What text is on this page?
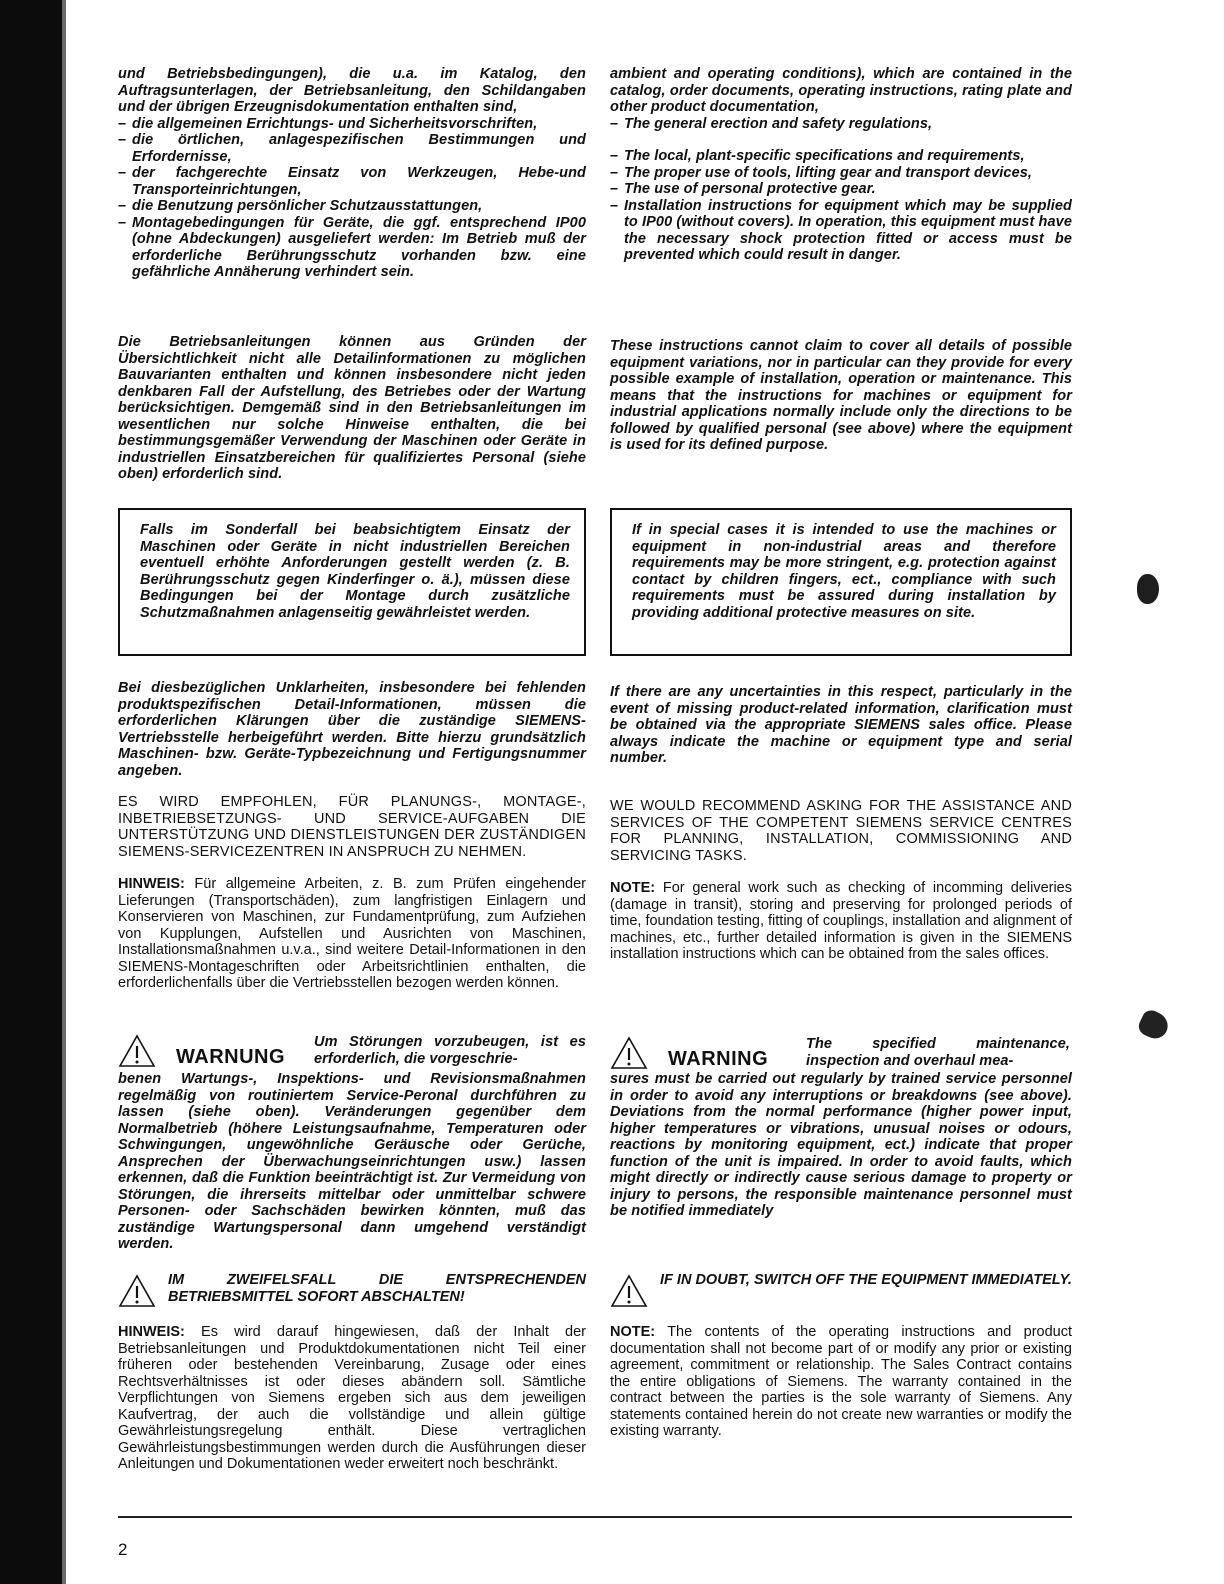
und Betriebsbedingungen), die u.a. im Katalog, den Auftragsunterlagen, der Betriebsanleitung, den Schildangaben und der übrigen Erzeugnisdokumentation enthalten sind,

– die allgemeinen Errichtungs- und Sicherheitsvorschriften,
– die örtlichen, anlagespezifischen Bestimmungen und Erfordernisse,
– der fachgerechte Einsatz von Werkzeugen, Hebe-und Transporteinrichtungen,
– die Benutzung persönlicher Schutzausstattungen,
– Montagebedingungen für Geräte, die ggf. entsprechend IP00 (ohne Abdeckungen) ausgeliefert werden: Im Betrieb muß der erforderliche Berührungsschutz vorhanden bzw. eine gefährliche Annäherung verhindert sein.
Die Betriebsanleitungen können aus Gründen der Übersichtlichkeit nicht alle Detailinformationen zu möglichen Bauvarianten enthalten und können insbesondere nicht jeden denkbaren Fall der Aufstellung, des Betriebes oder der Wartung berücksichtigen. Demgemäß sind in den Betriebsanleitungen im wesentlichen nur solche Hinweise enthalten, die bei bestimmungsgemäßer Verwendung der Maschinen oder Geräte in industriellen Einsatzbereichen für qualifiziertes Personal (siehe oben) erforderlich sind.
Falls im Sonderfall bei beabsichtigtem Einsatz der Maschinen oder Geräte in nicht industriellen Bereichen eventuell erhöhte Anforderungen gestellt werden (z. B. Berührungsschutz gegen Kinderfinger o. ä.), müssen diese Bedingungen bei der Montage durch zusätzliche Schutzmaßnahmen anlagenseitig gewährleistet werden.
Bei diesbezüglichen Unklarheiten, insbesondere bei fehlenden produktspezifischen Detail-Informationen, müssen die erforderlichen Klärungen über die zuständige SIEMENS-Vertriebsstelle herbeigeführt werden. Bitte hierzu grundsätzlich Maschinen- bzw. Geräte-Typbezeichnung und Fertigungsnummer angeben.
ES WIRD EMPFOHLEN, FÜR PLANUNGS-, MONTAGE-, INBETRIEBSETZUNGS- UND SERVICE-AUFGABEN DIE UNTERSTÜTZUNG UND DIENSTLEISTUNGEN DER ZUSTÄNDIGEN SIEMENS-SERVICEZENTREN IN ANSPRUCH ZU NEHMEN.
HINWEIS: Für allgemeine Arbeiten, z. B. zum Prüfen eingehender Lieferungen (Transportschäden), zum langfristigen Einlagern und Konservieren von Maschinen, zur Fundamentprüfung, zum Aufziehen von Kupplungen, Aufstellen und Ausrichten von Maschinen, Installationsmaßnahmen u.v.a., sind weitere Detail-Informationen in den SIEMENS-Montageschriften oder Arbeitsrichtlinien enthalten, die erforderlichenfalls über die Vertriebsstellen bezogen werden können.
WARNUNG
Um Störungen vorzubeugen, ist es erforderlich, die vorgeschrie-
benen Wartungs-, Inspektions- und Revisionsmaßnahmen regelmäßig von routiniertem Service-Peronal durchführen zu lassen (siehe oben). Veränderungen gegenüber dem Normalbetrieb (höhere Leistungsaufnahme, Temperaturen oder Schwingungen, ungewöhnliche Geräusche oder Gerüche, Ansprechen der Überwachungseinrichtungen usw.) lassen erkennen, daß die Funktion beeinträchtigt ist. Zur Vermeidung von Störungen, die ihrerseits mittelbar oder unmittelbar schwere Personen- oder Sachschäden bewirken könnten, muß das zuständige Wartungspersonal dann umgehend verständigt werden.
IM ZWEIFELSFALL DIE ENTSPRECHENDEN BETRIEBSMITTEL SOFORT ABSCHALTEN!
HINWEIS: Es wird darauf hingewiesen, daß der Inhalt der Betriebsanleitungen und Produktdokumentationen nicht Teil einer früheren oder bestehenden Vereinbarung, Zusage oder eines Rechtsverhältnisses ist oder dieses abändern soll. Sämtliche Verpflichtungen von Siemens ergeben sich aus dem jeweiligen Kaufvertrag, der auch die vollständige und allein gültige Gewährleistungsregelung enthält. Diese vertraglichen Gewährleistungsbestimmungen werden durch die Ausführungen dieser Anleitungen und Dokumentationen weder erweitert noch beschränkt.

ambient and operating conditions), which are contained in the catalog, order documents, operating instructions, rating plate and other product documentation,

– The general erection and safety regulations,
– The local, plant-specific specifications and requirements,
– The proper use of tools, lifting gear and transport devices,
– The use of personal protective gear.
– Installation instructions for equipment which may be supplied to IP00 (without covers). In operation, this equipment must have the necessary shock protection fitted or access must be prevented which could result in danger.
These instructions cannot claim to cover all details of possible equipment variations, nor in particular can they provide for every possible example of installation, operation or maintenance. This means that the instructions for machines or equipment for industrial applications normally include only the directions to be followed by qualified personal (see above) where the equipment is used for its defined purpose.
If in special cases it is intended to use the machines or equipment in non-industrial areas and therefore requirements may be more stringent, e.g. protection against contact by children fingers, ect., compliance with such requirements must be assured during installation by providing additional protective measures on site.
If there are any uncertainties in this respect, particularly in the event of missing product-related information, clarification must be obtained via the appropriate SIEMENS sales office. Please always indicate the machine or equipment type and serial number.
WE WOULD RECOMMEND ASKING FOR THE ASSISTANCE AND SERVICES OF THE COMPETENT SIEMENS SERVICE CENTRES FOR PLANNING, INSTALLATION, COMMISSIONING AND SERVICING TASKS.
NOTE: For general work such as checking of incomming deliveries (damage in transit), storing and preserving for prolonged periods of time, foundation testing, fitting of couplings, installation and alignment of machines, etc., further detailed information is given in the SIEMENS installation instructions which can be obtained from the sales offices.
WARNING
The specified maintenance, inspection and overhaul mea-
sures must be carried out regularly by trained service personnel in order to avoid any interruptions or breakdowns (see above). Deviations from the normal performance (higher power input, higher temperatures or vibrations, unusual noises or odours, reactions by monitoring equipment, ect.) indicate that proper function of the unit is impaired. In order to avoid faults, which might directly or indirectly cause serious damage to property or injury to persons, the responsible maintenance personnel must be notified immediately
IF IN DOUBT, SWITCH OFF THE EQUIPMENT IMMEDIATELY.
NOTE: The contents of the operating instructions and product documentation shall not become part of or modify any prior or existing agreement, commitment or relationship. The Sales Contract contains the entire obligations of Siemens. The warranty contained in the contract between the parties is the sole warranty of Siemens. Any statements contained herein do not create new warranties or modify the existing warranty.
2
